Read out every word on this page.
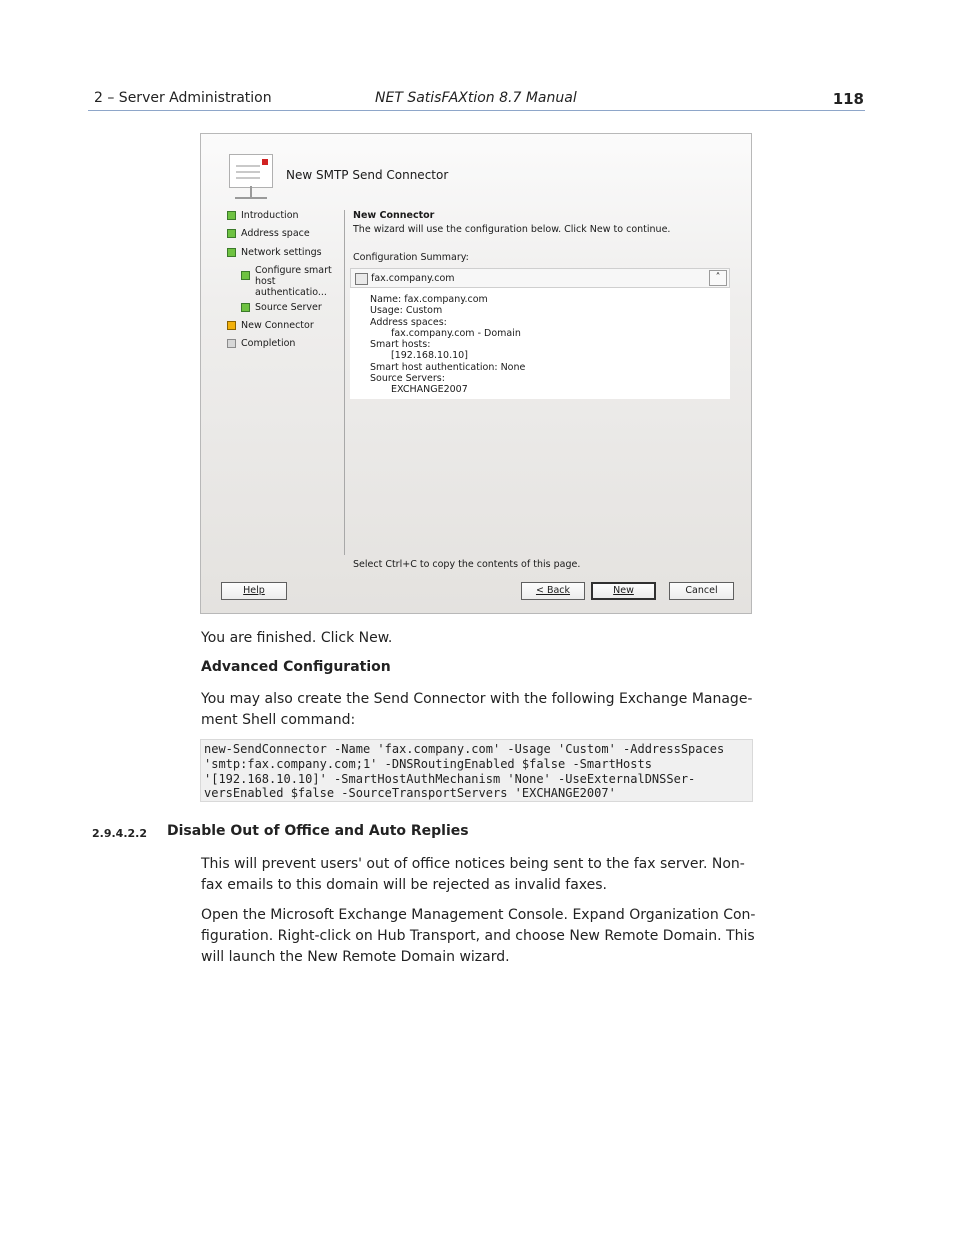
2 – Server Administration	NET SatisFAXtion 8.7 Manual	118
New SMTP Send Connector
Introduction
Address space
Network settings
Configure smart host authenticatio...
Source Server
New Connector
Completion
New Connector
The wizard will use the configuration below. Click New to continue.
Configuration Summary:
fax.company.com	˄
Name: fax.company.com
Usage: Custom
Address spaces:
fax.company.com - Domain
Smart hosts:
[192.168.10.10]
Smart host authentication: None
Source Servers:
EXCHANGE2007
Select Ctrl+C to copy the contents of this page.
Help	< Back	New	Cancel
You are finished. Click New.
Advanced Configuration
You may also create the Send Connector with the following Exchange Manage-
ment Shell command:
new-SendConnector -Name 'fax.company.com' -Usage 'Custom' -AddressSpaces
'smtp:fax.company.com;1' -DNSRoutingEnabled $false -SmartHosts
'[192.168.10.10]' -SmartHostAuthMechanism 'None' -UseExternalDNSSer-
versEnabled $false -SourceTransportServers 'EXCHANGE2007'
2.9.4.2.2 Disable Out of Office and Auto Replies
This will prevent users' out of office notices being sent to the fax server. Non-
fax emails to this domain will be rejected as invalid faxes.
Open the Microsoft Exchange Management Console. Expand Organization Con-
figuration. Right-click on Hub Transport, and choose New Remote Domain. This
will launch the New Remote Domain wizard.
